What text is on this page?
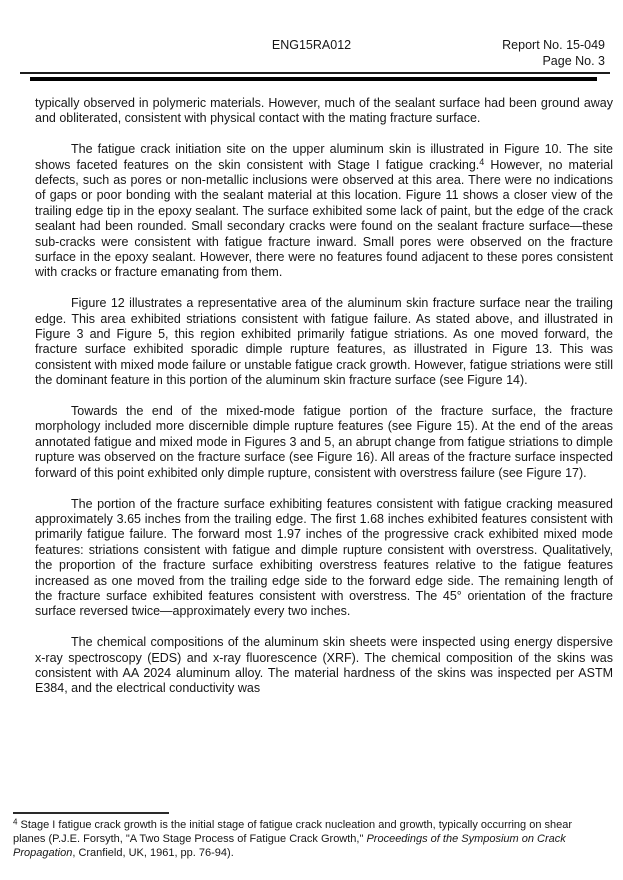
ENG15RA012	Report No. 15-049
Page No. 3

typically observed in polymeric materials. However, much of the sealant surface had been ground away and obliterated, consistent with physical contact with the mating fracture surface.

The fatigue crack initiation site on the upper aluminum skin is illustrated in Figure 10. The site shows faceted features on the skin consistent with Stage I fatigue cracking.$^4$ However, no material defects, such as pores or non-metallic inclusions were observed at this area. There were no indications of gaps or poor bonding with the sealant material at this location. Figure 11 shows a closer view of the trailing edge tip in the epoxy sealant. The surface exhibited some lack of paint, but the edge of the crack sealant had been rounded. Small secondary cracks were found on the sealant fracture surface—these sub-cracks were consistent with fatigue fracture inward. Small pores were observed on the fracture surface in the epoxy sealant. However, there were no features found adjacent to these pores consistent with cracks or fracture emanating from them.

Figure 12 illustrates a representative area of the aluminum skin fracture surface near the trailing edge. This area exhibited striations consistent with fatigue failure. As stated above, and illustrated in Figure 3 and Figure 5, this region exhibited primarily fatigue striations. As one moved forward, the fracture surface exhibited sporadic dimple rupture features, as illustrated in Figure 13. This was consistent with mixed mode failure or unstable fatigue crack growth. However, fatigue striations were still the dominant feature in this portion of the aluminum skin fracture surface (see Figure 14).

Towards the end of the mixed-mode fatigue portion of the fracture surface, the fracture morphology included more discernible dimple rupture features (see Figure 15). At the end of the areas annotated fatigue and mixed mode in Figures 3 and 5, an abrupt change from fatigue striations to dimple rupture was observed on the fracture surface (see Figure 16). All areas of the fracture surface inspected forward of this point exhibited only dimple rupture, consistent with overstress failure (see Figure 17).

The portion of the fracture surface exhibiting features consistent with fatigue cracking measured approximately 3.65 inches from the trailing edge. The first 1.68 inches exhibited features consistent with primarily fatigue failure. The forward most 1.97 inches of the progressive crack exhibited mixed mode features: striations consistent with fatigue and dimple rupture consistent with overstress. Qualitatively, the proportion of the fracture surface exhibiting overstress features relative to the fatigue features increased as one moved from the trailing edge side to the forward edge side. The remaining length of the fracture surface exhibited features consistent with overstress. The 45° orientation of the fracture surface reversed twice—approximately every two inches.

The chemical compositions of the aluminum skin sheets were inspected using energy dispersive x-ray spectroscopy (EDS) and x-ray fluorescence (XRF). The chemical composition of the skins was consistent with AA 2024 aluminum alloy. The material hardness of the skins was inspected per ASTM E384, and the electrical conductivity was

$^4$ Stage I fatigue crack growth is the initial stage of fatigue crack nucleation and growth, typically occurring on shear planes (P.J.E. Forsyth, "A Two Stage Process of Fatigue Crack Growth," Proceedings of the Symposium on Crack Propagation, Cranfield, UK, 1961, pp. 76-94).
